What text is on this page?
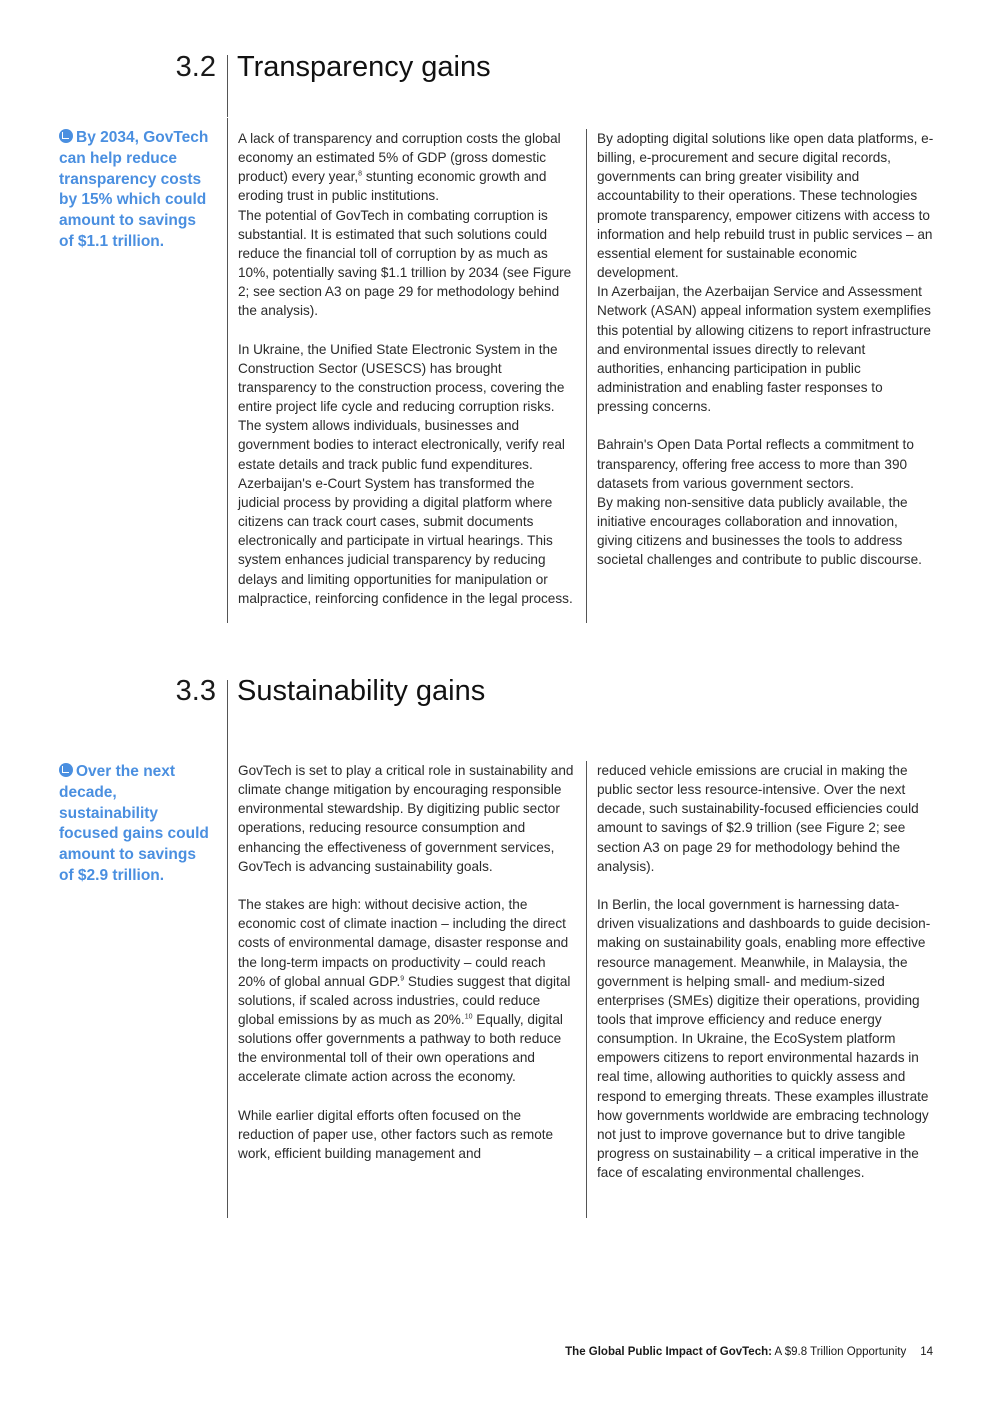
3.2 Transparency gains
By 2034, GovTech can help reduce transparency costs by 15% which could amount to savings of $1.1 trillion.

A lack of transparency and corruption costs the global economy an estimated 5% of GDP (gross domestic product) every year,$^8$ stunting economic growth and eroding trust in public institutions.

The potential of GovTech in combating corruption is substantial. It is estimated that such solutions could reduce the financial toll of corruption by as much as 10%, potentially saving $1.1 trillion by 2034 (see Figure 2; see section A3 on page 29 for methodology behind the analysis).

In Ukraine, the Unified State Electronic System in the Construction Sector (USESCS) has brought transparency to the construction process, covering the entire project life cycle and reducing corruption risks. The system allows individuals, businesses and government bodies to interact electronically, verify real estate details and track public fund expenditures. Azerbaijan's e-Court System has transformed the judicial process by providing a digital platform where citizens can track court cases, submit documents electronically and participate in virtual hearings. This system enhances judicial transparency by reducing delays and limiting opportunities for manipulation or malpractice, reinforcing confidence in the legal process.

By adopting digital solutions like open data platforms, e-billing, e-procurement and secure digital records, governments can bring greater visibility and accountability to their operations. These technologies promote transparency, empower citizens with access to information and help rebuild trust in public services – an essential element for sustainable economic development.

In Azerbaijan, the Azerbaijan Service and Assessment Network (ASAN) appeal information system exemplifies this potential by allowing citizens to report infrastructure and environmental issues directly to relevant authorities, enhancing participation in public administration and enabling faster responses to pressing concerns.

Bahrain's Open Data Portal reflects a commitment to transparency, offering free access to more than 390 datasets from various government sectors.

By making non-sensitive data publicly available, the initiative encourages collaboration and innovation, giving citizens and businesses the tools to address societal challenges and contribute to public discourse.

3.3 Sustainability gains
Over the next decade, sustainability focused gains could amount to savings of $2.9 trillion.

GovTech is set to play a critical role in sustainability and climate change mitigation by encouraging responsible environmental stewardship. By digitizing public sector operations, reducing resource consumption and enhancing the effectiveness of government services, GovTech is advancing sustainability goals.

The stakes are high: without decisive action, the economic cost of climate inaction – including the direct costs of environmental damage, disaster response and the long-term impacts on productivity – could reach 20% of global annual GDP.$^9$ Studies suggest that digital solutions, if scaled across industries, could reduce global emissions by as much as 20%.$^{10}$ Equally, digital solutions offer governments a pathway to both reduce the environmental toll of their own operations and accelerate climate action across the economy.

While earlier digital efforts often focused on the reduction of paper use, other factors such as remote work, efficient building management and

reduced vehicle emissions are crucial in making the public sector less resource-intensive. Over the next decade, such sustainability-focused efficiencies could amount to savings of $2.9 trillion (see Figure 2; see section A3 on page 29 for methodology behind the analysis).

In Berlin, the local government is harnessing data-driven visualizations and dashboards to guide decision-making on sustainability goals, enabling more effective resource management. Meanwhile, in Malaysia, the government is helping small- and medium-sized enterprises (SMEs) digitize their operations, providing tools that improve efficiency and reduce energy consumption. In Ukraine, the EcoSystem platform empowers citizens to report environmental hazards in real time, allowing authorities to quickly assess and respond to emerging threats. These examples illustrate how governments worldwide are embracing technology not just to improve governance but to drive tangible progress on sustainability – a critical imperative in the face of escalating environmental challenges.

The Global Public Impact of GovTech: A $9.8 Trillion Opportunity 14
